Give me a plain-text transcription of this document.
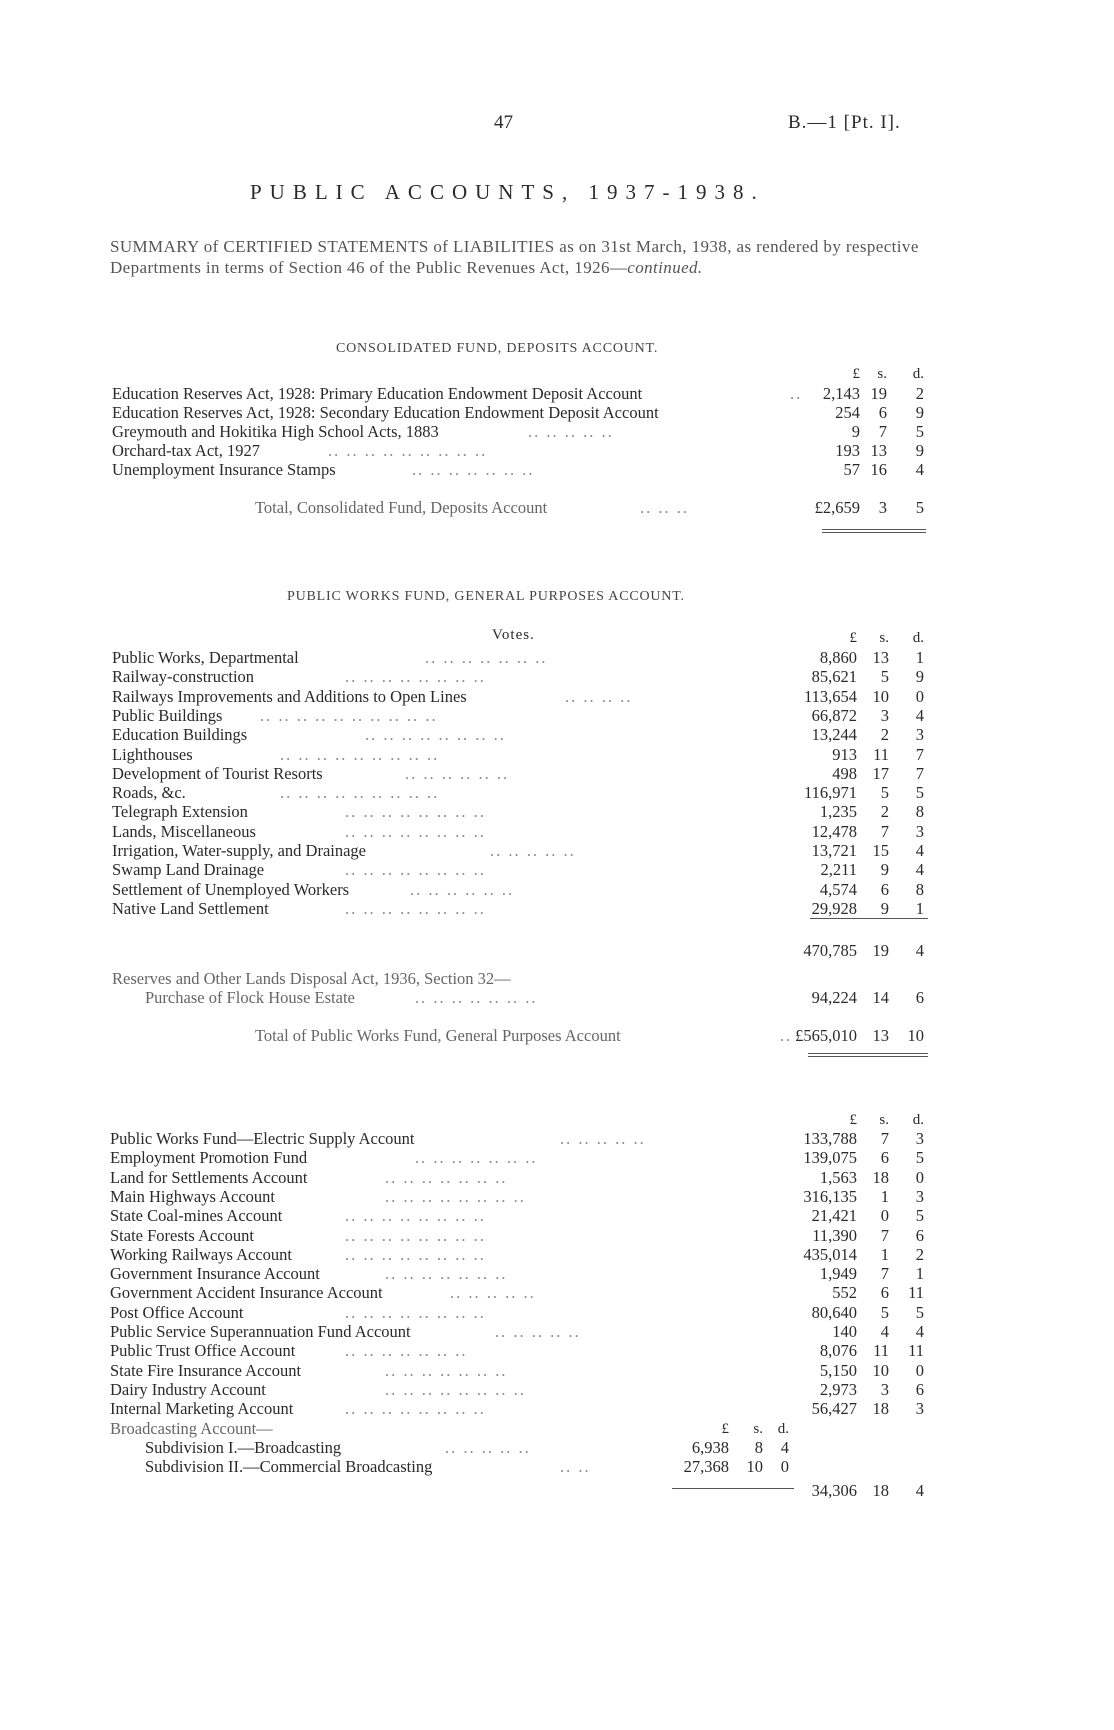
47	B.—1 [Pt. I].
PUBLIC ACCOUNTS, 1937-1938.
SUMMARY of CERTIFIED STATEMENTS of LIABILITIES as on 31st March, 1938, as rendered by respective Departments in terms of Section 46 of the Public Revenues Act, 1926—continued.
CONSOLIDATED FUND, DEPOSITS ACCOUNT.
£ s. d.
Education Reserves Act, 1928: Primary Education Endowment Deposit Account	.. 2,143 19 2
Education Reserves Act, 1928: Secondary Education Endowment Deposit Account	254 6 9
Greymouth and Hokitika High School Acts, 1883	.. .. .. .. ..	9 7 5
Orchard-tax Act, 1927	.. .. .. .. .. .. .. .. ..	193 13 9
Unemployment Insurance Stamps	.. .. .. .. .. .. ..	57 16 4
Total, Consolidated Fund, Deposits Account	.. .. ..	£2,659 3 5
PUBLIC WORKS FUND, GENERAL PURPOSES ACCOUNT.
Votes.	£ s. d.
Public Works, Departmental	.. .. .. .. .. .. ..	8,860 13 1
Railway-construction	.. .. .. .. .. .. .. ..	85,621 5 9
Railways Improvements and Additions to Open Lines	.. .. .. ..	113,654 10 0
Public Buildings .. .. .. .. .. .. .. .. .. ..	66,872 3 4
Education Buildings	.. .. .. .. .. .. .. ..	13,244 2 3
Lighthouses	.. .. .. .. .. .. .. .. ..	913 11 7
Development of Tourist Resorts	.. .. .. .. .. ..	498 17 7
Roads, &c.	.. .. .. .. .. .. .. .. ..	116,971 5 5
Telegraph Extension	.. .. .. .. .. .. .. ..	1,235 2 8
Lands, Miscellaneous	.. .. .. .. .. .. .. ..	12,478 7 3
Irrigation, Water-supply, and Drainage	.. .. .. .. ..	13,721 15 4
Swamp Land Drainage	.. .. .. .. .. .. .. ..	2,211 9 4
Settlement of Unemployed Workers	.. .. .. .. .. ..	4,574 6 8
Native Land Settlement	.. .. .. .. .. .. .. ..	29,928 9 1
470,785 19 4
Reserves and Other Lands Disposal Act, 1936, Section 32—
Purchase of Flock House Estate	.. .. .. .. .. .. ..	94,224 14 6
Total of Public Works Fund, General Purposes Account	.. £565,010 13 10
£ s. d.
Public Works Fund—Electric Supply Account	.. .. .. .. ..	133,788 7 3
Employment Promotion Fund	.. .. .. .. .. .. ..	139,075 6 5
Land for Settlements Account	.. .. .. .. .. .. ..	1,563 18 0
Main Highways Account	.. .. .. .. .. .. .. ..	316,135 1 3
State Coal-mines Account	.. .. .. .. .. .. .. ..	21,421 0 5
State Forests Account	.. .. .. .. .. .. .. ..	11,390 7 6
Working Railways Account	.. .. .. .. .. .. .. ..	435,014 1 2
Government Insurance Account	.. .. .. .. .. .. ..	1,949 7 1
Government Accident Insurance Account	.. .. .. .. ..	552 6 11
Post Office Account	.. .. .. .. .. .. .. ..	80,640 5 5
Public Service Superannuation Fund Account	.. .. .. .. ..	140 4 4
Public Trust Office Account	.. .. .. .. .. .. ..	8,076 11 11
State Fire Insurance Account	.. .. .. .. .. .. ..	5,150 10 0
Dairy Industry Account	.. .. .. .. .. .. .. ..	2,973 3 6
Internal Marketing Account	.. .. .. .. .. .. .. ..	56,427 18 3
Broadcasting Account—	£ s. d.
Subdivision I.—Broadcasting	.. .. .. .. ..	6,938 8 4
Subdivision II.—Commercial Broadcasting	.. ..	27,368 10 0
34,306 18 4
